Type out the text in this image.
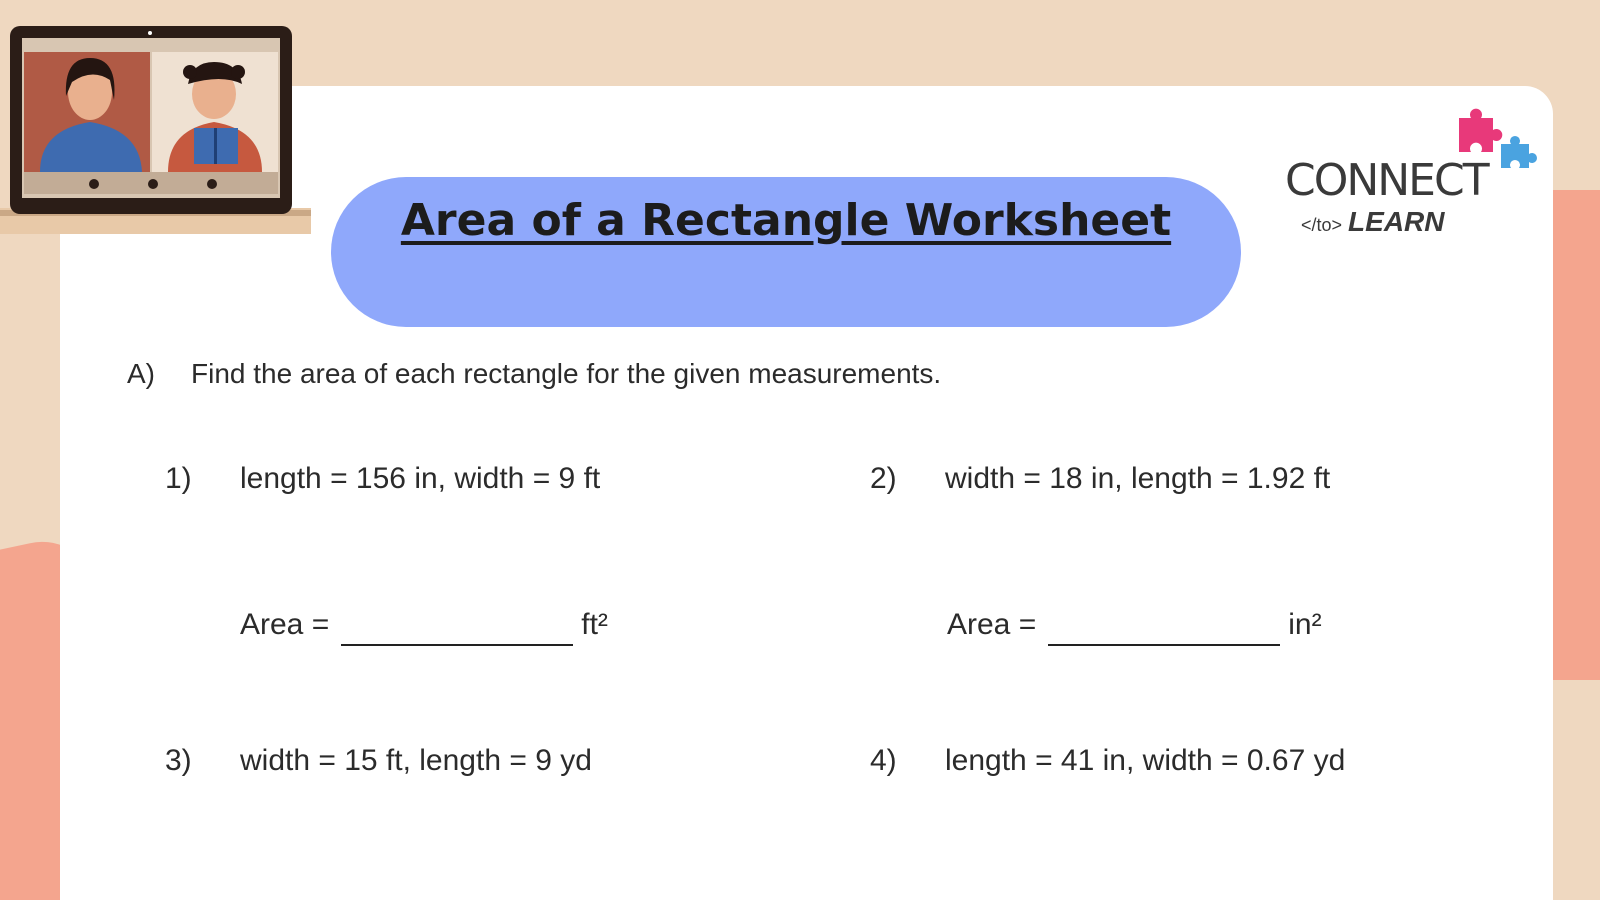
Area of a Rectangle Worksheet
CONNECT
</to> LEARN
A) Find the area of each rectangle for the given measurements.
1) length = 156 in, width = 9 ft
Area =	ft²
2) width = 18 in, length = 1.92 ft
Area =	in²
3) width = 15 ft, length = 9 yd	4) length = 41 in, width = 0.67 yd
